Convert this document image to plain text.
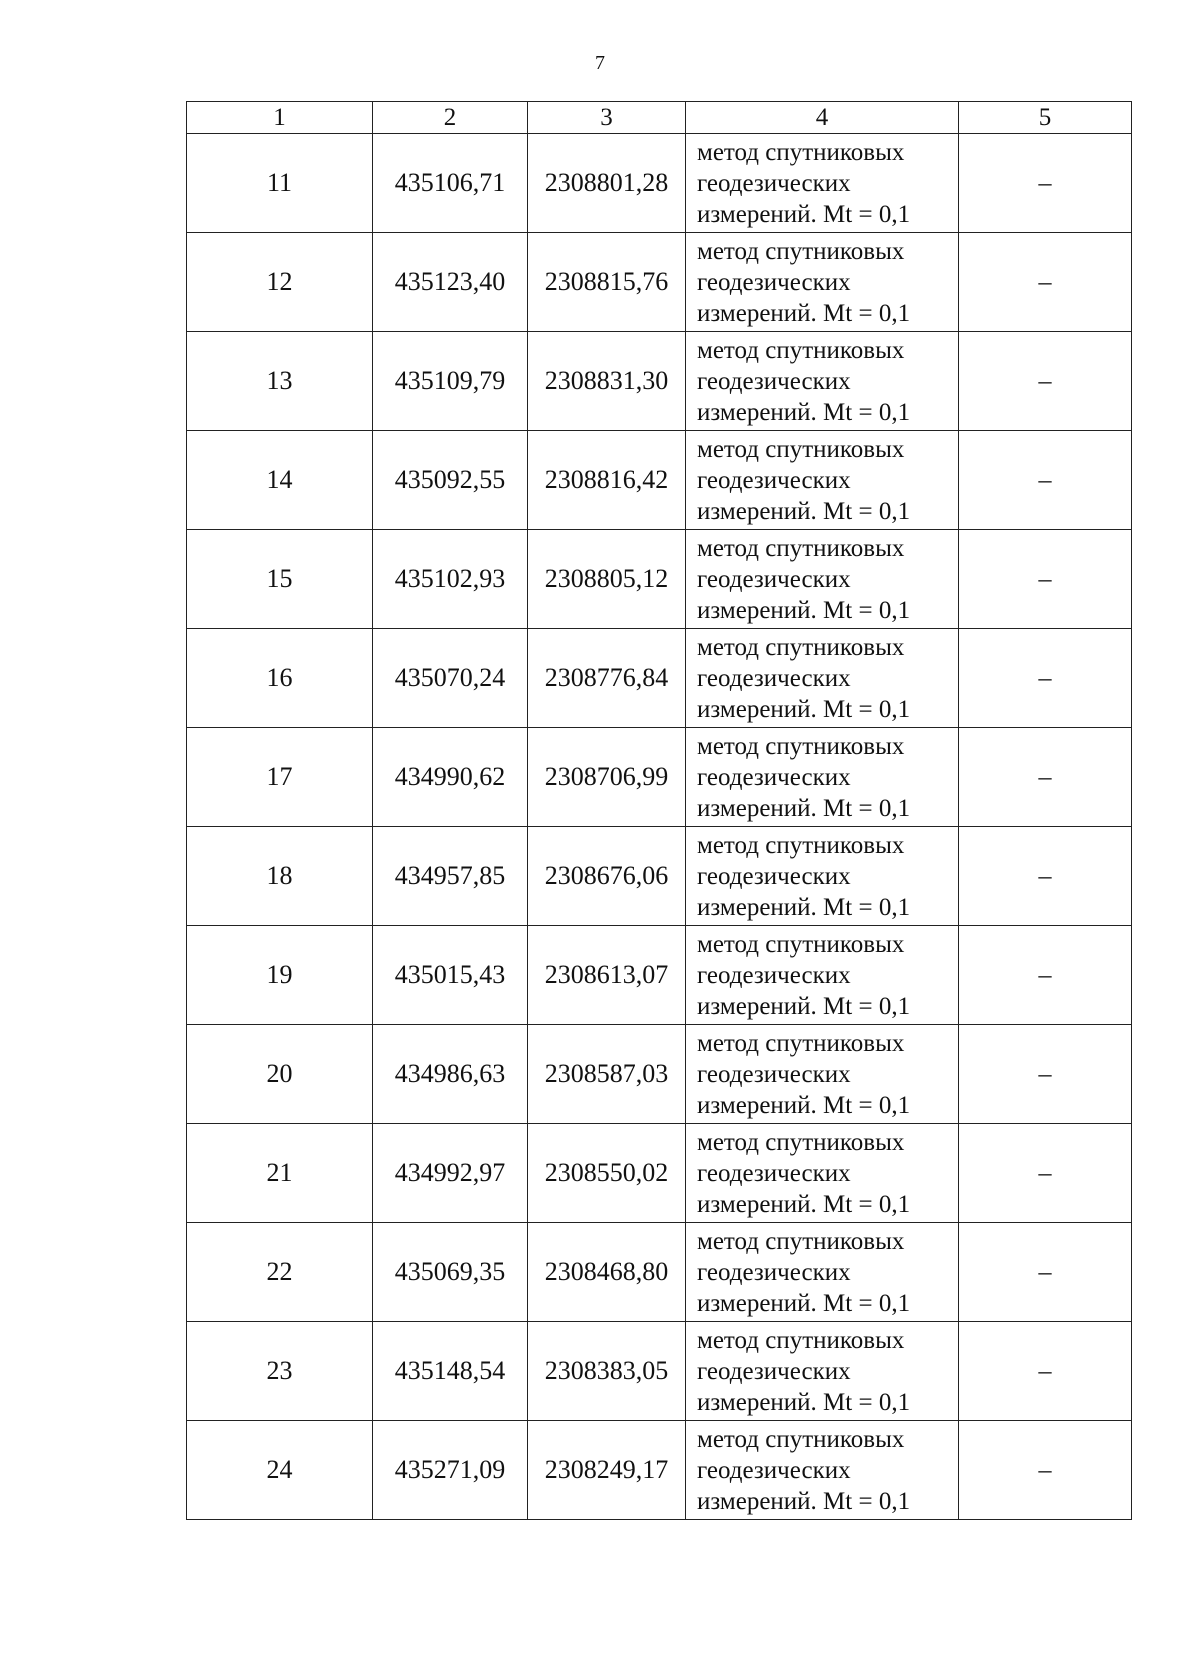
7
1	2	3	4	5
11	435106,71	2308801,28	метод спутниковых
геодезических
измерений. Mt = 0,1	–
12	435123,40	2308815,76	метод спутниковых
геодезических
измерений. Mt = 0,1	–
13	435109,79	2308831,30	метод спутниковых
геодезических
измерений. Mt = 0,1	–
14	435092,55	2308816,42	метод спутниковых
геодезических
измерений. Mt = 0,1	–
15	435102,93	2308805,12	метод спутниковых
геодезических
измерений. Mt = 0,1	–
16	435070,24	2308776,84	метод спутниковых
геодезических
измерений. Mt = 0,1	–
17	434990,62	2308706,99	метод спутниковых
геодезических
измерений. Mt = 0,1	–
18	434957,85	2308676,06	метод спутниковых
геодезических
измерений. Mt = 0,1	–
19	435015,43	2308613,07	метод спутниковых
геодезических
измерений. Mt = 0,1	–
20	434986,63	2308587,03	метод спутниковых
геодезических
измерений. Mt = 0,1	–
21	434992,97	2308550,02	метод спутниковых
геодезических
измерений. Mt = 0,1	–
22	435069,35	2308468,80	метод спутниковых
геодезических
измерений. Mt = 0,1	–
23	435148,54	2308383,05	метод спутниковых
геодезических
измерений. Mt = 0,1	–
24	435271,09	2308249,17	метод спутниковых
геодезических
измерений. Mt = 0,1	–
